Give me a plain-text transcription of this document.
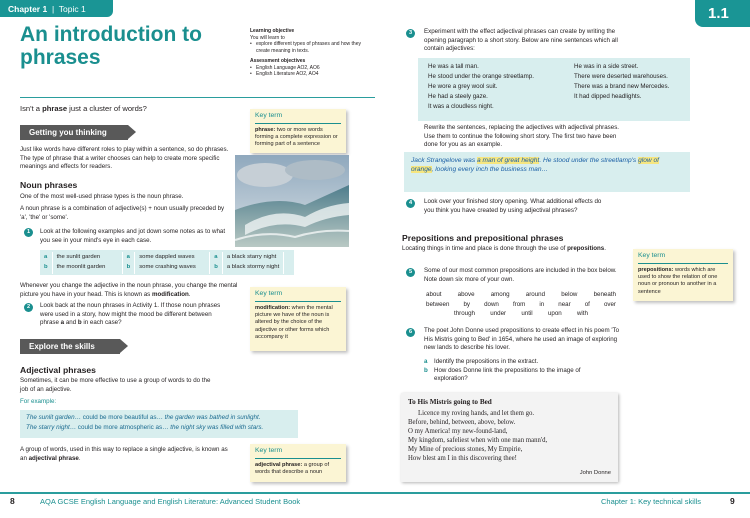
Chapter 1  |  Topic 1	1.1
An introduction to
phrases
Learning objective
You will learn to
• explore different types of phrases and how they create meaning in texts.
Assessment objectives
• English Language AO2, AO6
• English Literature AO2, AO4
Isn't a phrase just a cluster of words?
Getting you thinking
Just like words have different roles to play within a sentence, so do phrases. The type of phrase that a writer chooses can help to create more specific meanings and effects for readers.
Noun phrases
One of the most well-used phrase types is the noun phrase.
A noun phrase is a combination of adjective(s) + noun usually preceded by 'a', 'the' or 'some'.
1	Look at the following examples and jot down some notes as to what you see in your mind's eye in each case.
a	the sunlit garden	a	some dappled waves	a	a black starry night
b	the moonlit garden	b	some crashing waves	b	a black stormy night
Whenever you change the adjective in the noun phrase, you change the mental picture you have in your head. This is known as modification.
2	Look back at the noun phrases in Activity 1. If those noun phrases were used in a story, how might the mood be different between phrase a and b in each case?
Explore the skills
Adjectival phrases
Sometimes, it can be more effective to use a group of words to do the job of an adjective.
For example:
The sunlit garden… could be more beautiful as… the garden was bathed in sunlight.
The starry night… could be more atmospheric as… the night sky was filled with stars.
A group of words, used in this way to replace a single adjective, is known as an adjectival phrase.
Key term
phrase: two or more words forming a complete expression or forming part of a sentence
Key term
modification: when the mental picture we have of the noun is altered by the choice of the adjective or other forms which accompany it
Key term
adjectival phrase: a group of words that describe a noun
3	Experiment with the effect adjectival phrases can create by writing the opening paragraph to a short story. Below are nine sentences which all contain adjectives:
He was a tall man.
He stood under the orange streetlamp.
He wore a grey wool suit.
He had a steely gaze.
It was a cloudless night.
He was in a side street.
There were deserted warehouses.
There was a brand new Mercedes.
It had dipped headlights.
Rewrite the sentences, replacing the adjectives with adjectival phrases. Use them to continue the following short story. The first two have been done for you as an example.
Jack Strangelove was a man of great height. He stood under the streetlamp's glow of orange, looking every inch the business man…
4	Look over your finished story opening. What additional effects do you think you have created by using adjectival phrases?
Prepositions and prepositional phrases
Locating things in time and place is done through the use of prepositions.
5	Some of our most common prepositions are included in the box below. Note down six more of your own.
about	above	among	around	below	beneath
between by down from in near of over
through under until upon with
6	The poet John Donne used prepositions to create effect in his poem 'To His Mistris going to Bed' in 1654, where he used an image of exploring new lands to describe his lover.
a Identify the prepositions in the extract.
b	How does Donne link the prepositions to the image of exploration?
To His Mistris going to Bed
Licence my roving hands, and let them go.
Before, behind, between, above, below.
O my America! my new-found-land,
My kingdom, safeliest when with one man mann'd,
My Mine of precious stones, My Empirie,
How blest am I in this discovering thee!
John Donne
Key term
prepositions: words which are used to show the relation of one noun or pronoun to another in a sentence
8	AQA GCSE English Language and English Literature: Advanced Student Book	Chapter 1: Key technical skills	9
